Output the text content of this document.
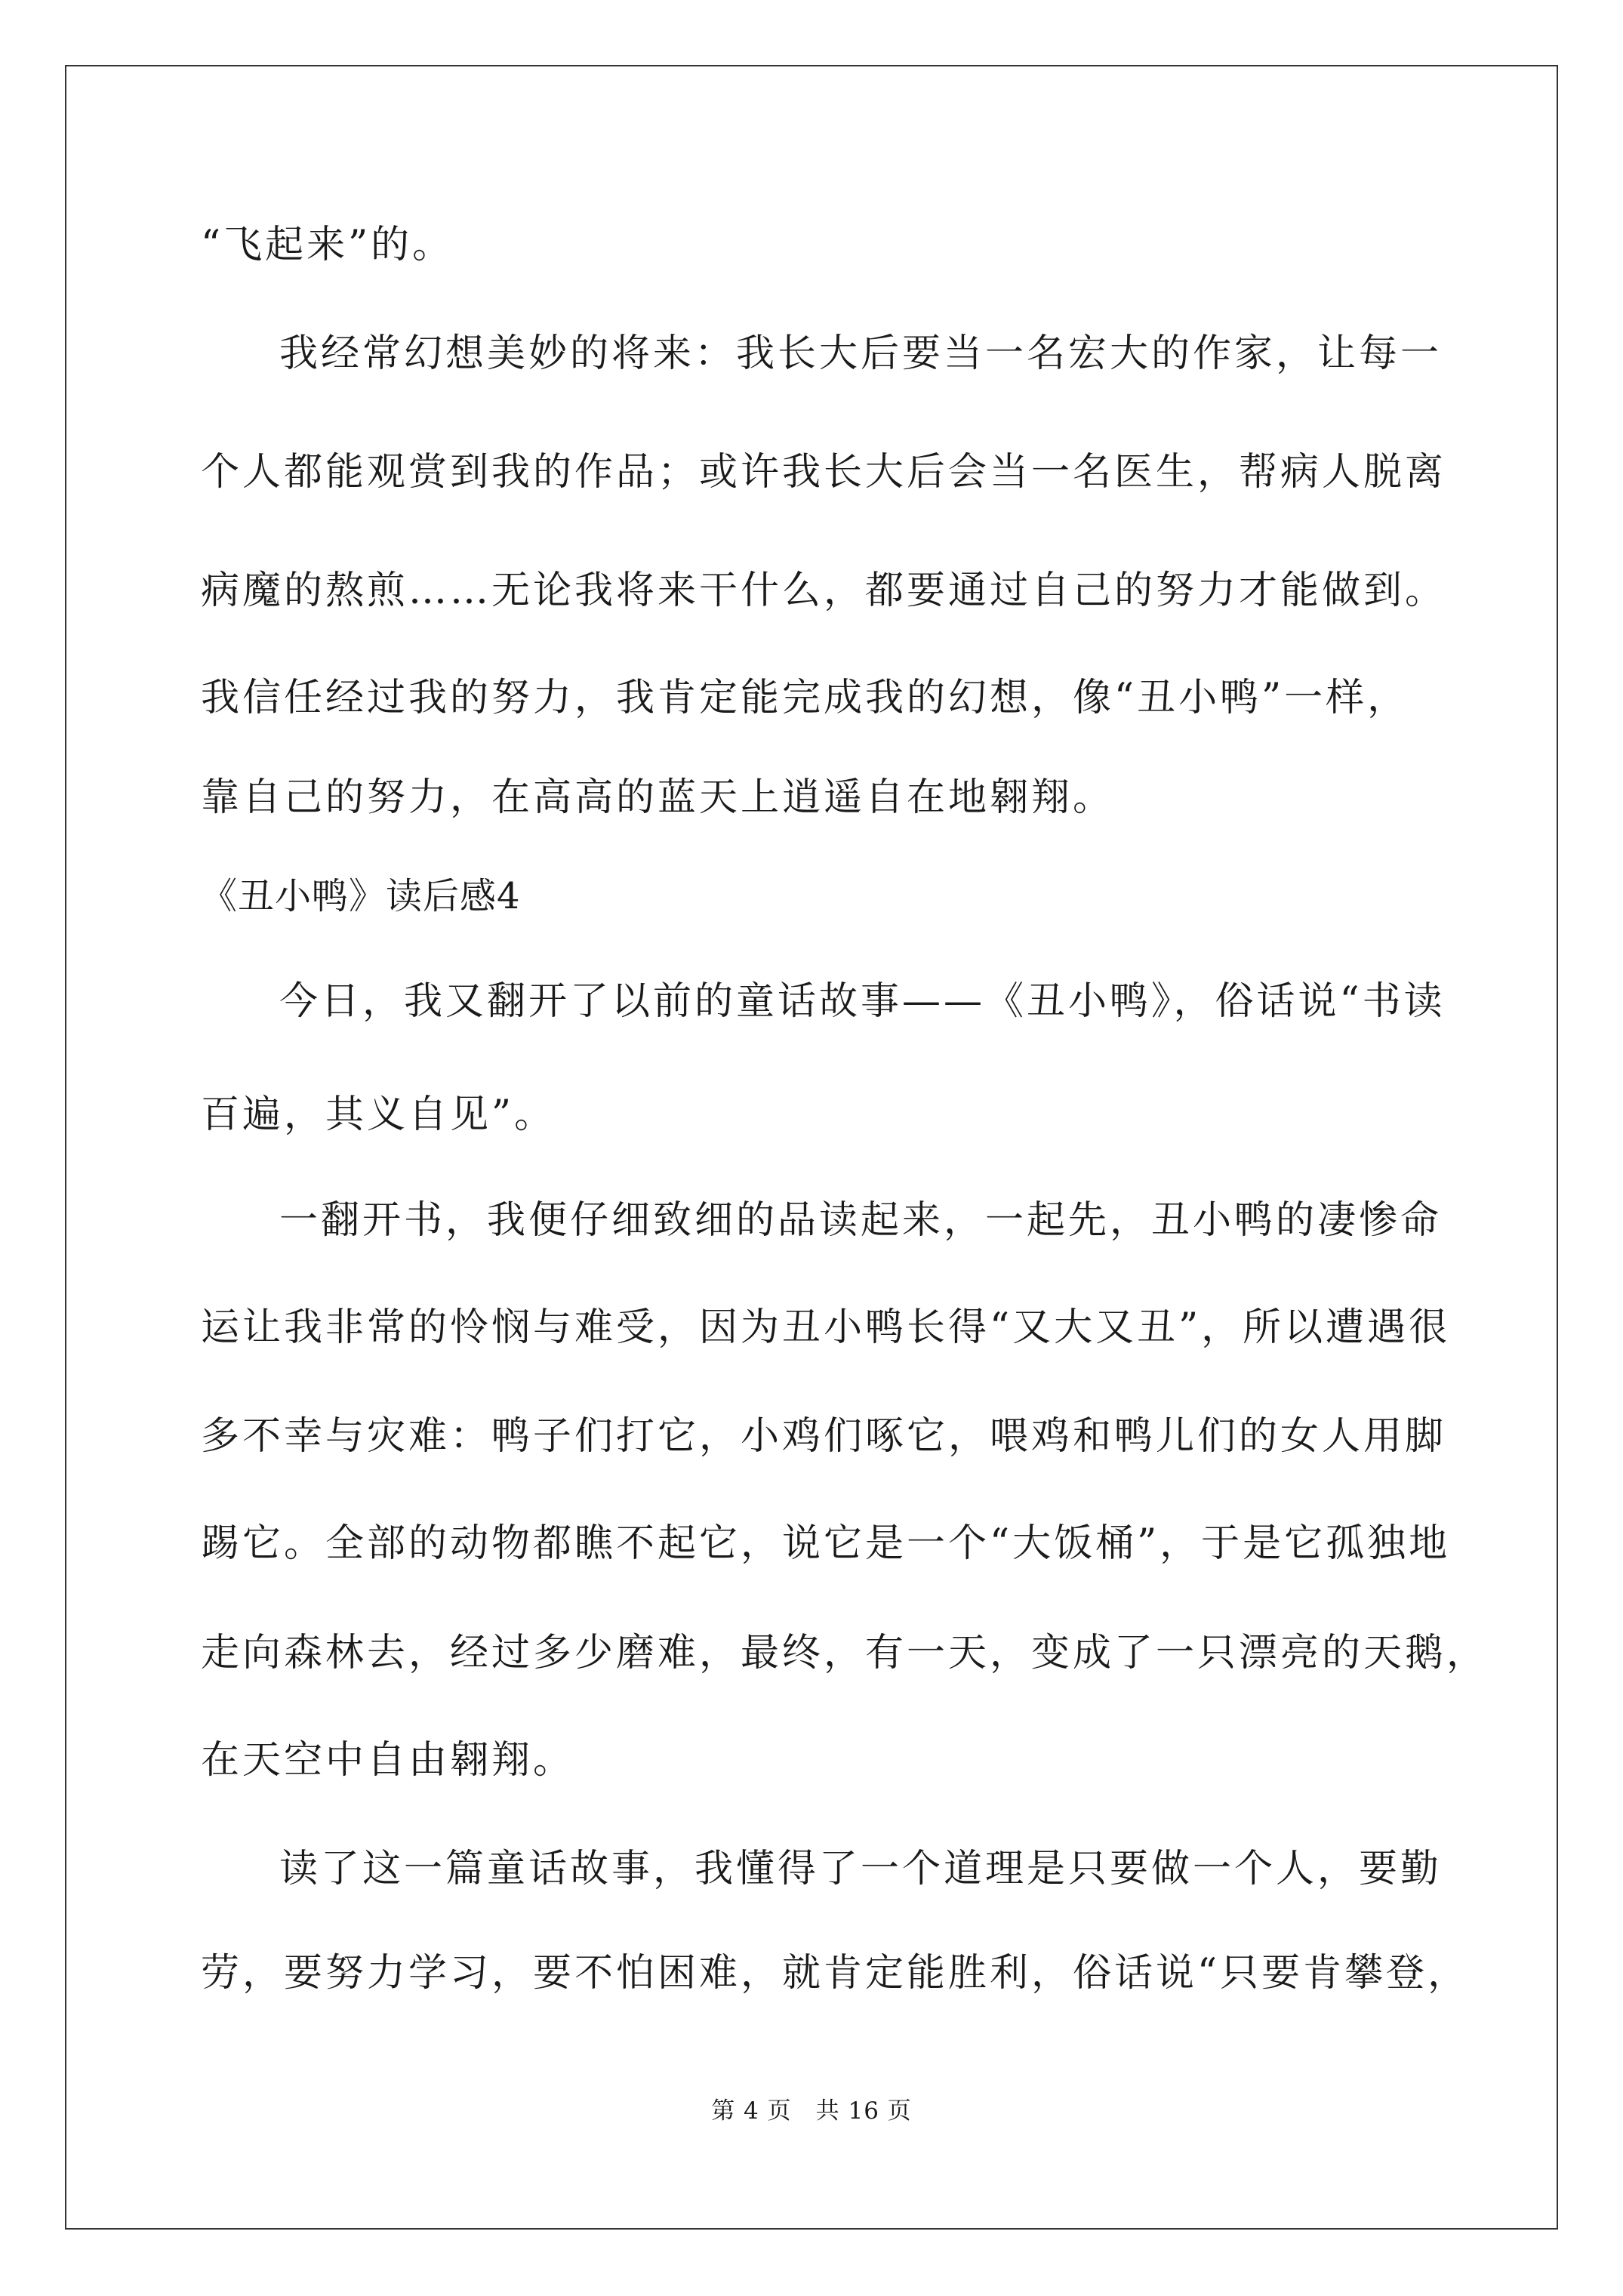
“飞起来”的。
我经常幻想美妙的将来：我长大后要当一名宏大的作家，让每一
个人都能观赏到我的作品；或许我长大后会当一名医生，帮病人脱离
病魔的熬煎……无论我将来干什么，都要通过自己的努力才能做到。
我信任经过我的努力，我肯定能完成我的幻想，像“丑小鸭”一样，
靠自己的努力，在高高的蓝天上逍遥自在地翱翔。
《丑小鸭》读后感4
今日，我又翻开了以前的童话故事——《丑小鸭》，俗话说“书读
百遍，其义自见”。
一翻开书，我便仔细致细的品读起来，一起先，丑小鸭的凄惨命
运让我非常的怜悯与难受，因为丑小鸭长得“又大又丑”，所以遭遇很
多不幸与灾难：鸭子们打它，小鸡们啄它，喂鸡和鸭儿们的女人用脚
踢它。全部的动物都瞧不起它，说它是一个“大饭桶”，于是它孤独地
走向森林去，经过多少磨难，最终，有一天，变成了一只漂亮的天鹅，
在天空中自由翱翔。
读了这一篇童话故事，我懂得了一个道理是只要做一个人，要勤
劳，要努力学习，要不怕困难，就肯定能胜利，俗话说“只要肯攀登，
第 4 页　共 16 页
